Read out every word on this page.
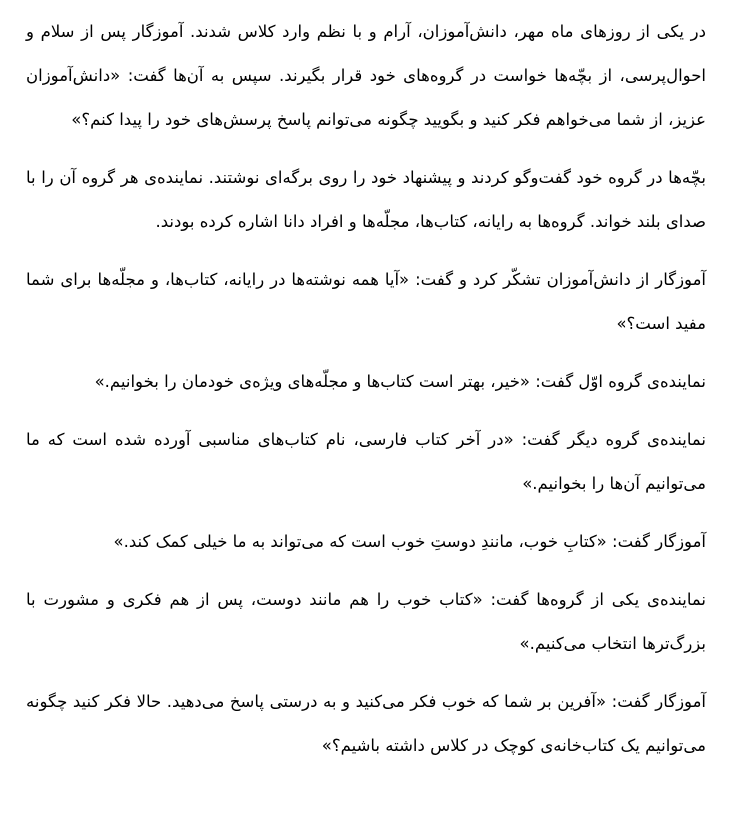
در یکی از روزهای ماه مهر، دانش‌آموزان، آرام و با نظم وارد کلاس شدند. آموزگار پس از سلام و احوال‌پرسی، از بچّه‌ها خواست در گروه‌های خود قرار بگیرند. سپس به آن‌ها گفت: «دانش‌آموزان عزیز، از شما می‌خواهم فکر کنید و بگویید چگونه می‌توانم پاسخ پرسش‌های خود را پیدا کنم؟»

بچّه‌ها در گروه خود گفت‌وگو کردند و پیشنهاد خود را روی برگه‌ای نوشتند. نماینده‌ی هر گروه آن را با صدای بلند خواند. گروه‌ها به رایانه، کتاب‌ها، مجلّه‌ها و افراد دانا اشاره کرده بودند.

آموزگار از دانش‌آموزان تشکّر کرد و گفت: «آیا همه نوشته‌ها در رایانه، کتاب‌ها، و مجلّه‌ها برای شما مفید است؟»

نماینده‌ی گروه اوّل گفت: «خیر، بهتر است کتاب‌ها و مجلّه‌های ویژه‌ی خودمان را بخوانیم.»

نماینده‌ی گروه دیگر گفت: «در آخر کتاب فارسی، نام کتاب‌های مناسبی آورده شده است که ما می‌توانیم آن‌ها را بخوانیم.»

آموزگار گفت: «کتابِ خوب، مانندِ دوستِ خوب است که می‌تواند به ما خیلی کمک کند.»

نماینده‌ی یکی از گروه‌ها گفت: «کتاب خوب را هم مانند دوست، پس از هم فکری و مشورت با بزرگ‌ترها انتخاب می‌کنیم.»

آموزگار گفت: «آفرین بر شما که خوب فکر می‌کنید و به درستی پاسخ می‌دهید. حالا فکر کنید چگونه می‌توانیم یک کتاب‌خانه‌ی کوچک در کلاس داشته باشیم؟»
